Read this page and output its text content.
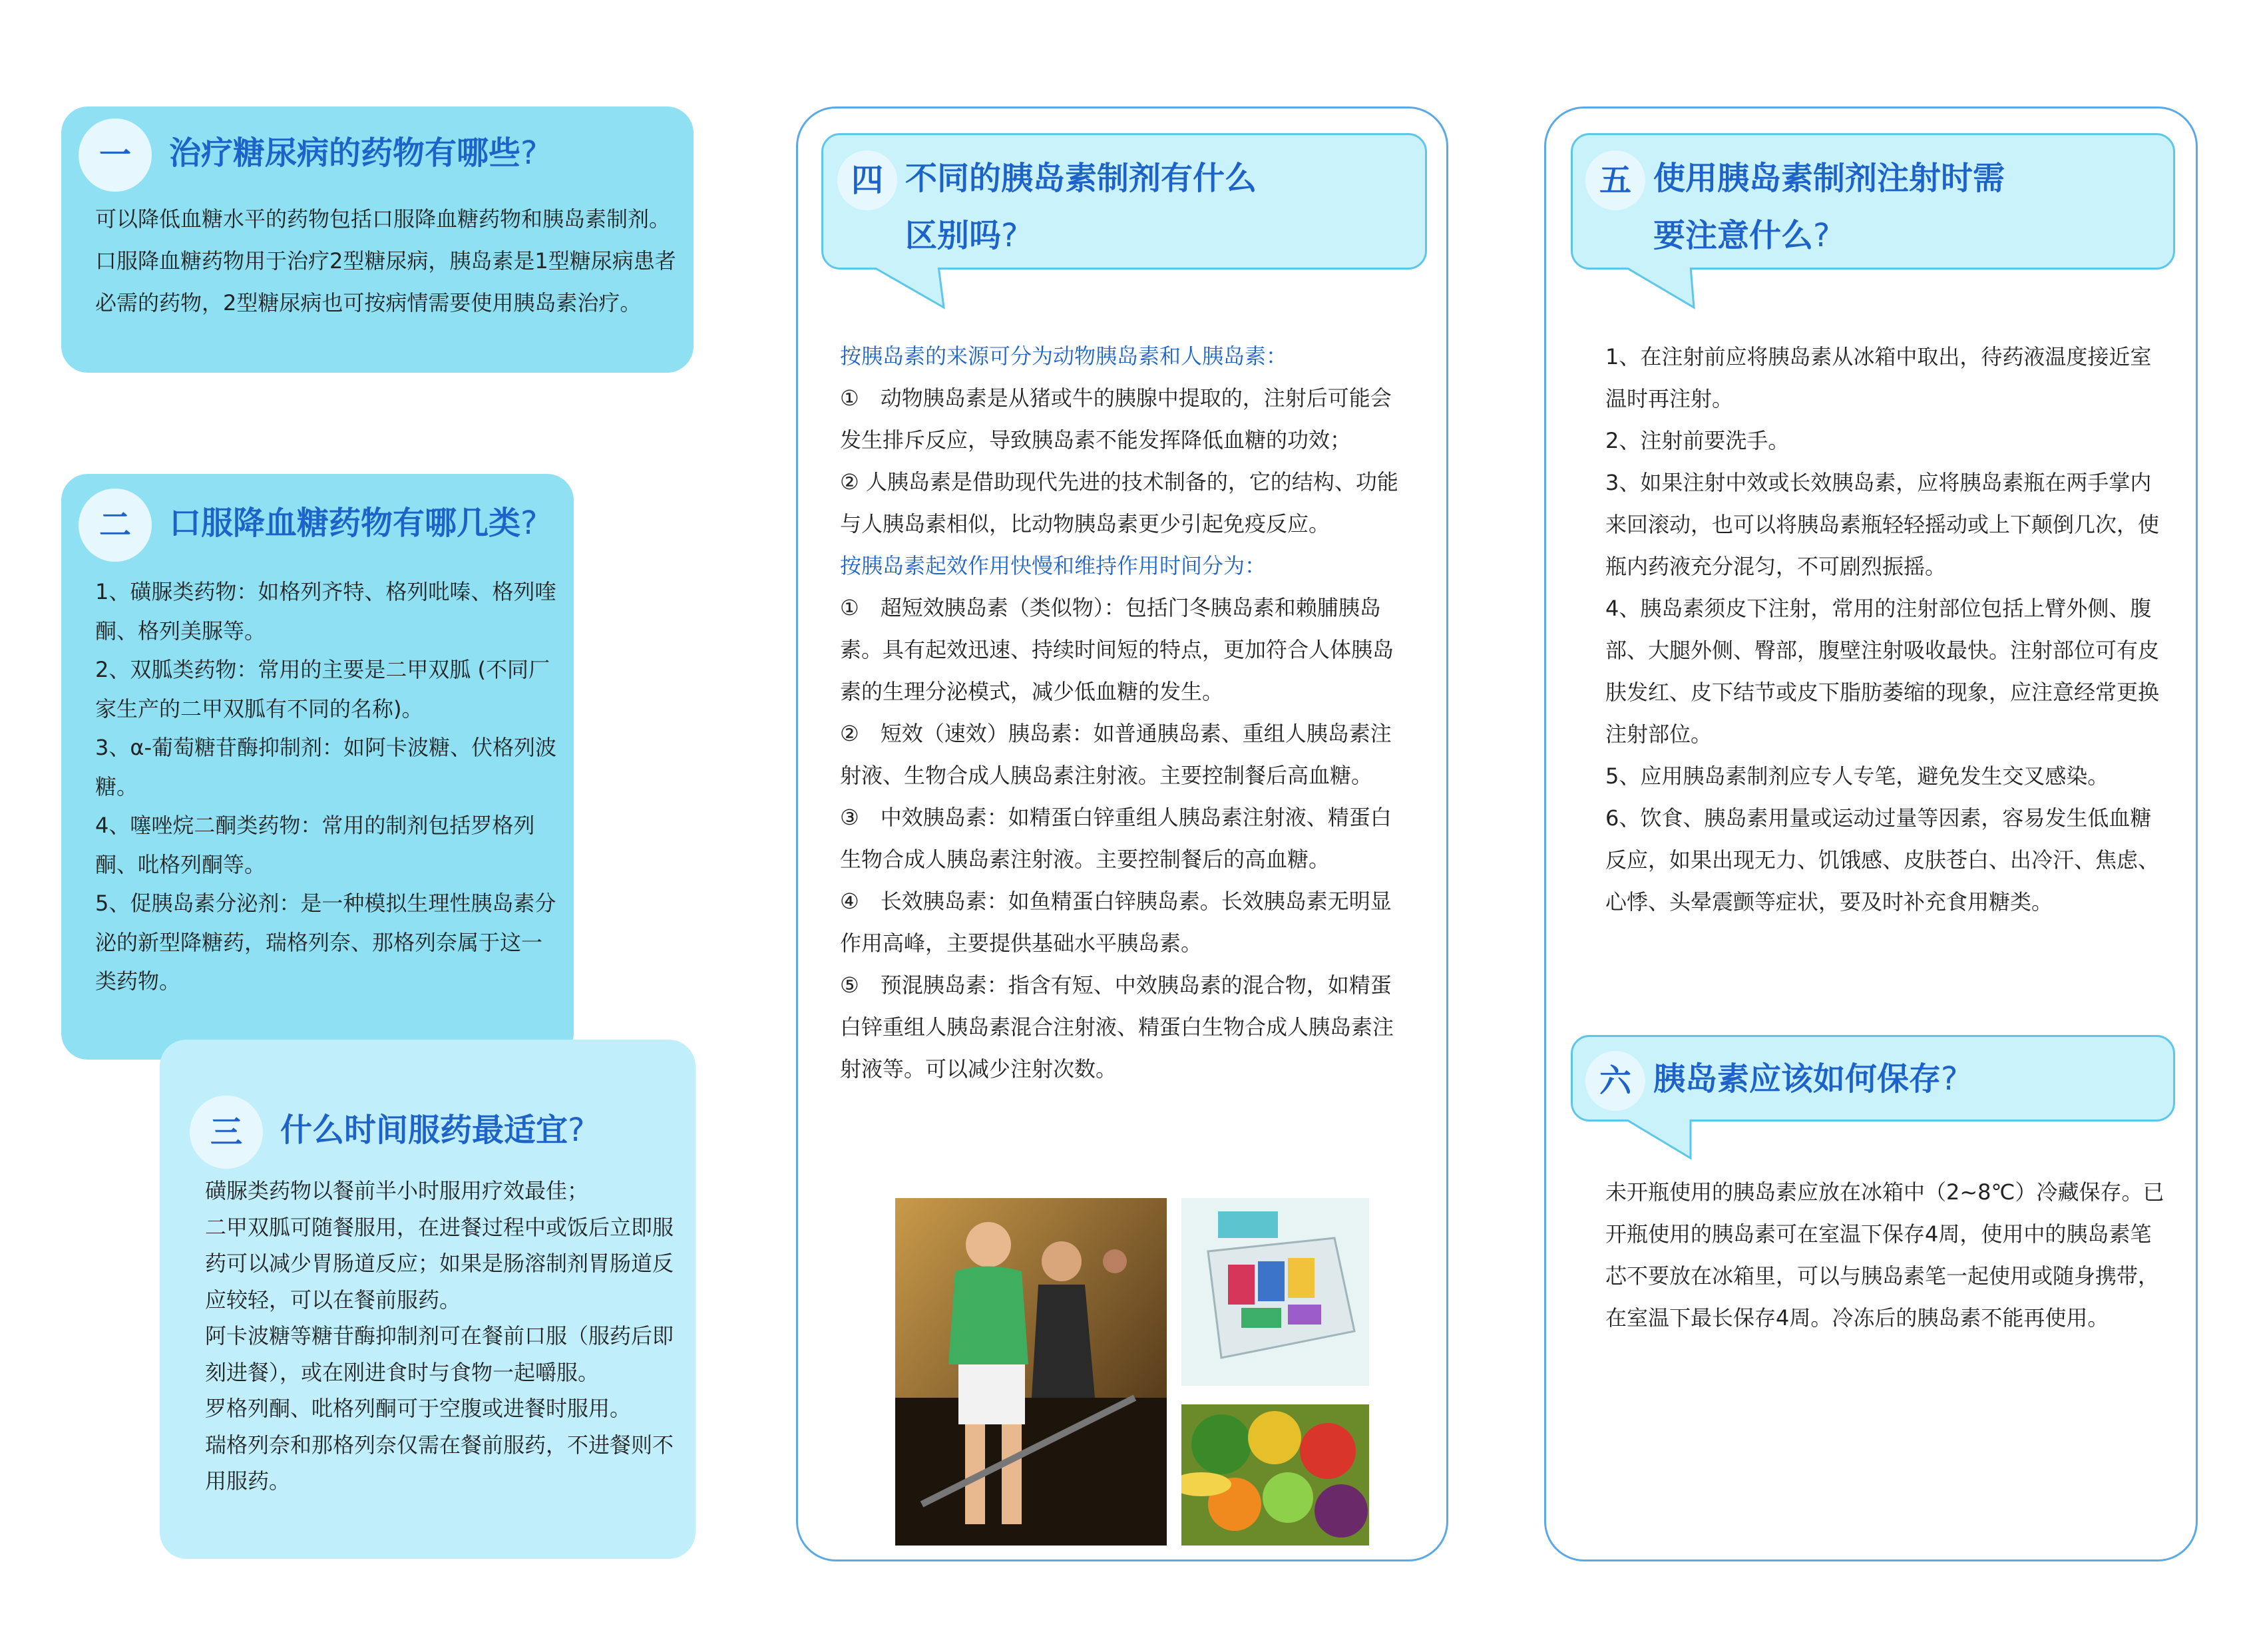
一 治疗糖尿病的药物有哪些?
可以降低血糖水平的药物包括口服降血糖药物和胰岛素制剂。口服降血糖药物用于治疗2型糖尿病，胰岛素是1型糖尿病患者必需的药物，2型糖尿病也可按病情需要使用胰岛素治疗。
二 口服降血糖药物有哪几类?

1、磺脲类药物：如格列齐特、格列吡嗪、格列喹酮、格列美脲等。

2、双胍类药物：常用的主要是二甲双胍 (不同厂家生产的二甲双胍有不同的名称)。

3、α-葡萄糖苷酶抑制剂：如阿卡波糖、伏格列波糖。

4、噻唑烷二酮类药物：常用的制剂包括罗格列酮、吡格列酮等。

5、促胰岛素分泌剂：是一种模拟生理性胰岛素分泌的新型降糖药，瑞格列奈、那格列奈属于这一类药物。

三 什么时间服药最适宜?

磺脲类药物以餐前半小时服用疗效最佳；

二甲双胍可随餐服用，在进餐过程中或饭后立即服药可以减少胃肠道反应；如果是肠溶制剂胃肠道反应较轻，可以在餐前服药。

阿卡波糖等糖苷酶抑制剂可在餐前口服（服药后即刻进餐），或在刚进食时与食物一起嚼服。

罗格列酮、吡格列酮可于空腹或进餐时服用。

瑞格列奈和那格列奈仅需在餐前服药，不进餐则不用服药。

四 不同的胰岛素制剂有什么
区别吗?

按胰岛素的来源可分为动物胰岛素和人胰岛素：

①　动物胰岛素是从猪或牛的胰腺中提取的，注射后可能会发生排斥反应，导致胰岛素不能发挥降低血糖的功效；

② 人胰岛素是借助现代先进的技术制备的，它的结构、功能与人胰岛素相似，比动物胰岛素更少引起免疫反应。

按胰岛素起效作用快慢和维持作用时间分为：

①　超短效胰岛素（类似物）：包括门冬胰岛素和赖脯胰岛素。具有起效迅速、持续时间短的特点，更加符合人体胰岛素的生理分泌模式，减少低血糖的发生。

②　短效（速效）胰岛素：如普通胰岛素、重组人胰岛素注射液、生物合成人胰岛素注射液。主要控制餐后高血糖。

③　中效胰岛素：如精蛋白锌重组人胰岛素注射液、精蛋白生物合成人胰岛素注射液。主要控制餐后的高血糖。

④　长效胰岛素：如鱼精蛋白锌胰岛素。长效胰岛素无明显作用高峰，主要提供基础水平胰岛素。

⑤　预混胰岛素：指含有短、中效胰岛素的混合物，如精蛋白锌重组人胰岛素混合注射液、精蛋白生物合成人胰岛素注射液等。可以减少注射次数。

五 使用胰岛素制剂注射时需
要注意什么?

1、在注射前应将胰岛素从冰箱中取出，待药液温度接近室温时再注射。

2、注射前要洗手。

3、如果注射中效或长效胰岛素，应将胰岛素瓶在两手掌内来回滚动，也可以将胰岛素瓶轻轻摇动或上下颠倒几次，使瓶内药液充分混匀，不可剧烈振摇。

4、胰岛素须皮下注射，常用的注射部位包括上臂外侧、腹部、大腿外侧、臀部，腹壁注射吸收最快。注射部位可有皮肤发红、皮下结节或皮下脂肪萎缩的现象，应注意经常更换注射部位。

5、应用胰岛素制剂应专人专笔，避免发生交叉感染。

6、饮食、胰岛素用量或运动过量等因素，容易发生低血糖反应，如果出现无力、饥饿感、皮肤苍白、出冷汗、焦虑、心悸、头晕震颤等症状，要及时补充食用糖类。

六 胰岛素应该如何保存?
未开瓶使用的胰岛素应放在冰箱中（2~8℃）冷藏保存。已开瓶使用的胰岛素可在室温下保存4周，使用中的胰岛素笔芯不要放在冰箱里，可以与胰岛素笔一起使用或随身携带，在室温下最长保存4周。冷冻后的胰岛素不能再使用。
